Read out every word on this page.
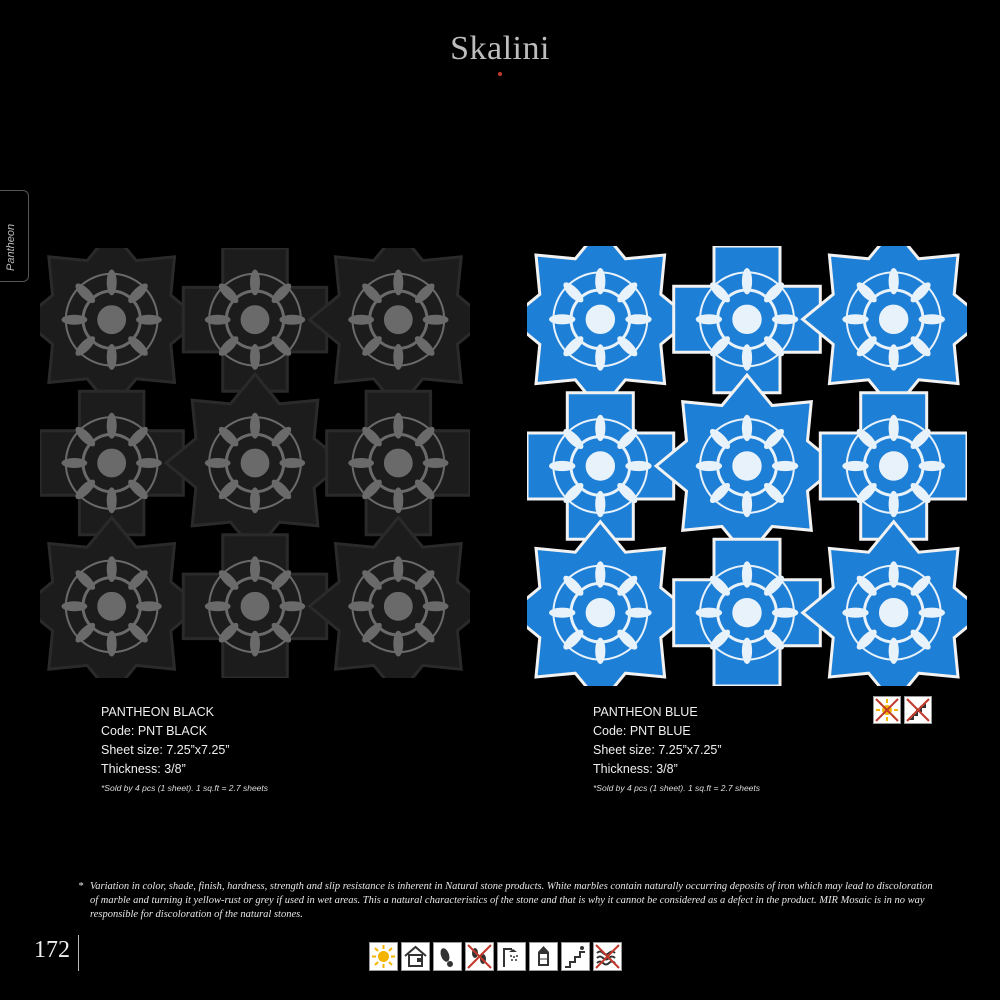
Skalini
Pantheon
PANTHEON BLACK
Code: PNT BLACK
Sheet size: 7.25”x7.25”
Thickness: 3/8”
*Sold by 4 pcs (1 sheet). 1 sq.ft = 2.7 sheets
PANTHEON BLUE
Code: PNT BLUE
Sheet size: 7.25”x7.25”
Thickness: 3/8”
*Sold by 4 pcs (1 sheet). 1 sq.ft = 2.7 sheets
* Variation in color, shade, finish, hardness, strength and slip resistance is inherent in Natural stone products. White marbles contain naturally occurring deposits of iron which may lead to discoloration of marble and turning it yellow-rust or grey if used in wet areas. This a natural characteristics of the stone and that is why it cannot be considered as a defect in the product. MIR Mosaic is in no way responsible for discoloration of the natural stones.
172
